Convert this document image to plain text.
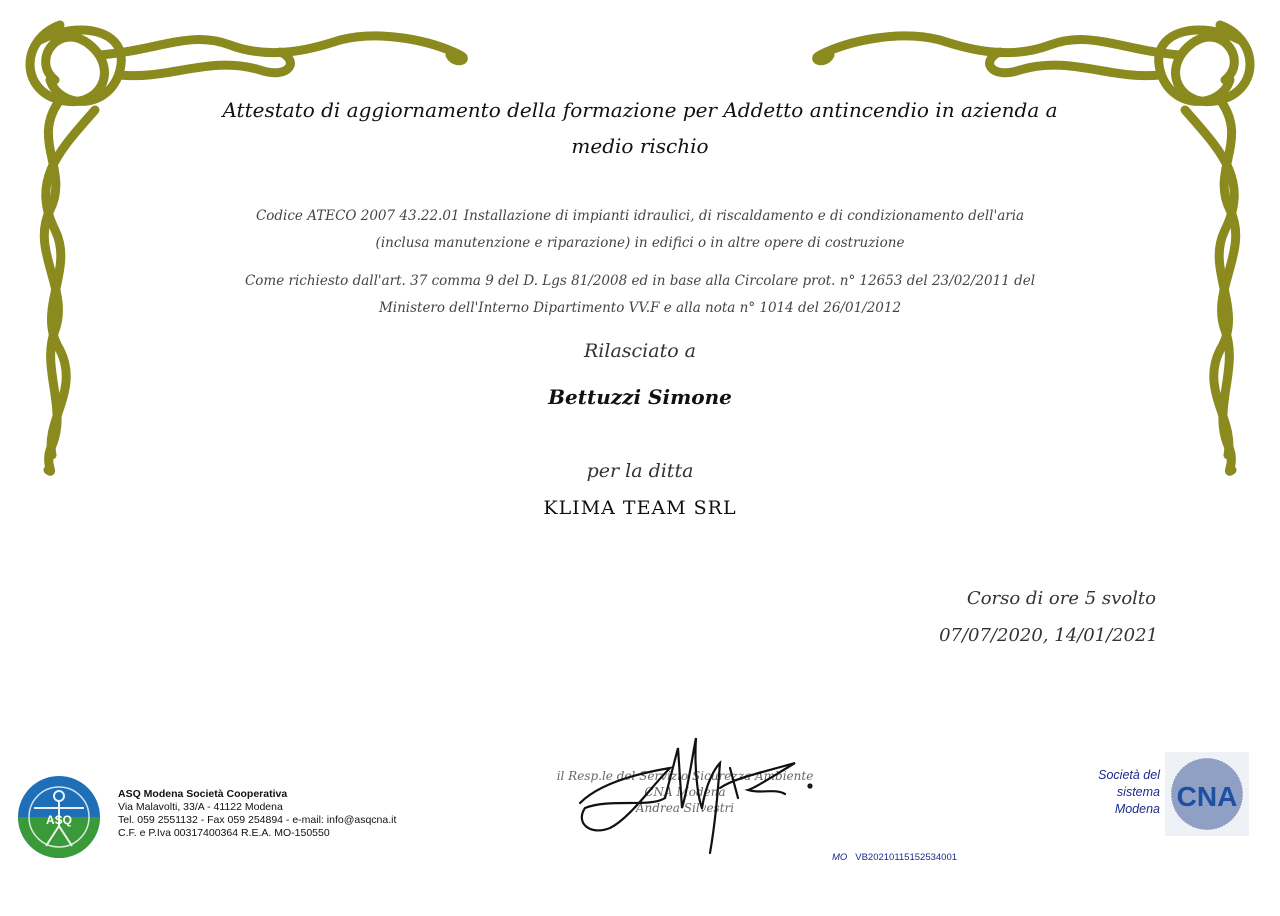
Attestato di aggiornamento della formazione per Addetto antincendio in azienda a
medio rischio
Codice ATECO 2007 43.22.01 Installazione di impianti idraulici, di riscaldamento e di condizionamento dell'aria
(inclusa manutenzione e riparazione) in edifici o in altre opere di costruzione
Come richiesto dall'art. 37 comma 9 del D. Lgs 81/2008 ed in base alla Circolare prot. n° 12653 del 23/02/2011 del
Ministero dell'Interno Dipartimento VV.F e alla nota n° 1014 del 26/01/2012
Rilasciato a
Bettuzzi Simone
per la ditta
KLIMA TEAM SRL
Corso di ore 5 svolto
07/07/2020, 14/01/2021
il Resp.le del Servizio Sicurezza Ambiente
CNA Modena
Andrea Silvestri
ASQ
ASQ Modena Società Cooperativa
Via Malavolti, 33/A - 41122 Modena
Tel. 059 2551132 - Fax 059 254894 - e-mail: info@asqcna.it
C.F. e P.Iva 00317400364 R.E.A. MO-150550
MO VB20210115152534001
Società del
sistema
Modena CNA
